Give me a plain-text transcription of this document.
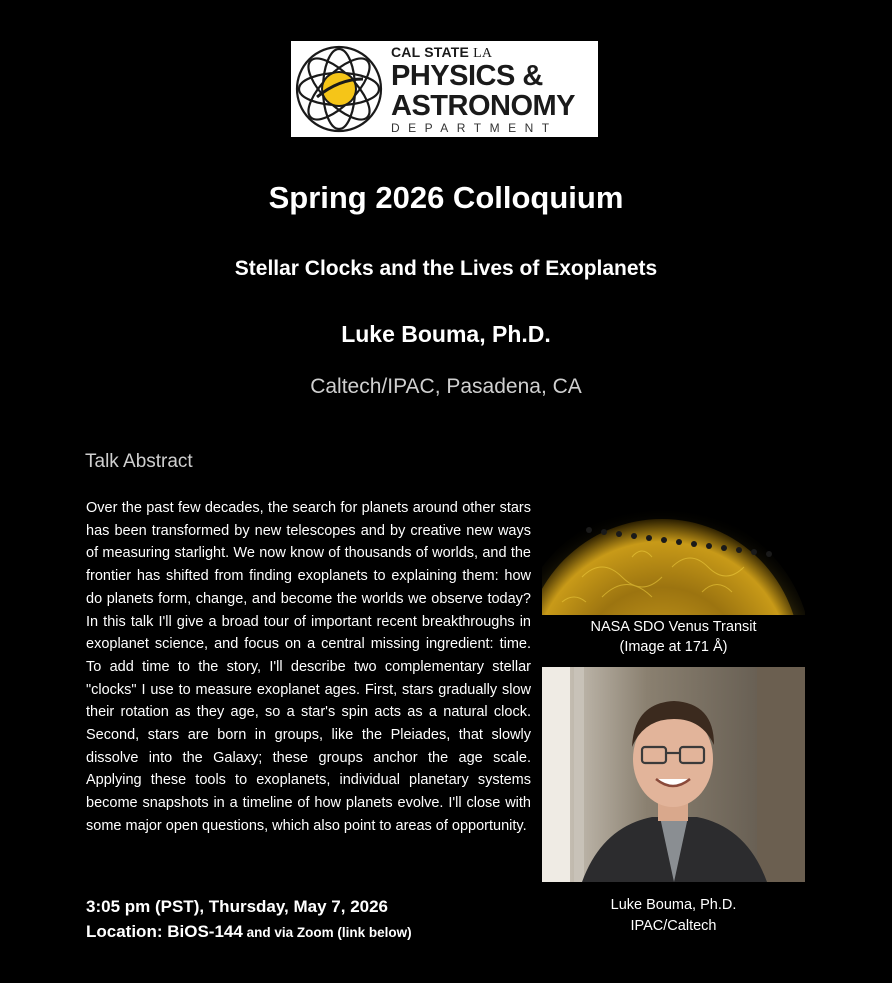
CAL STATE LA
PHYSICS &
ASTRONOMY
DEPARTMENT
Spring 2026 Colloquium
Stellar Clocks and the Lives of Exoplanets
Luke Bouma, Ph.D.
Caltech/IPAC, Pasadena, CA
Talk Abstract
Over the past few decades, the search for planets around other stars has been transformed by new telescopes and by creative new ways of measuring starlight. We now know of thousands of worlds, and the frontier has shifted from finding exoplanets to explaining them: how do planets form, change, and become the worlds we observe today? In this talk I'll give a broad tour of important recent breakthroughs in exoplanet science, and focus on a central missing ingredient: time. To add time to the story, I'll describe two complementary stellar "clocks" I use to measure exoplanet ages. First, stars gradually slow their rotation as they age, so a star's spin acts as a natural clock. Second, stars are born in groups, like the Pleiades, that slowly dissolve into the Galaxy; these groups anchor the age scale. Applying these tools to exoplanets, individual planetary systems become snapshots in a timeline of how planets evolve. I'll close with some major open questions, which also point to areas of opportunity.
NASA SDO Venus Transit
(Image at 171 Å)
Luke Bouma, Ph.D.
IPAC/Caltech
3:05 pm (PST), Thursday, May 7, 2026
Location: BiOS-144 and via Zoom (link below)
